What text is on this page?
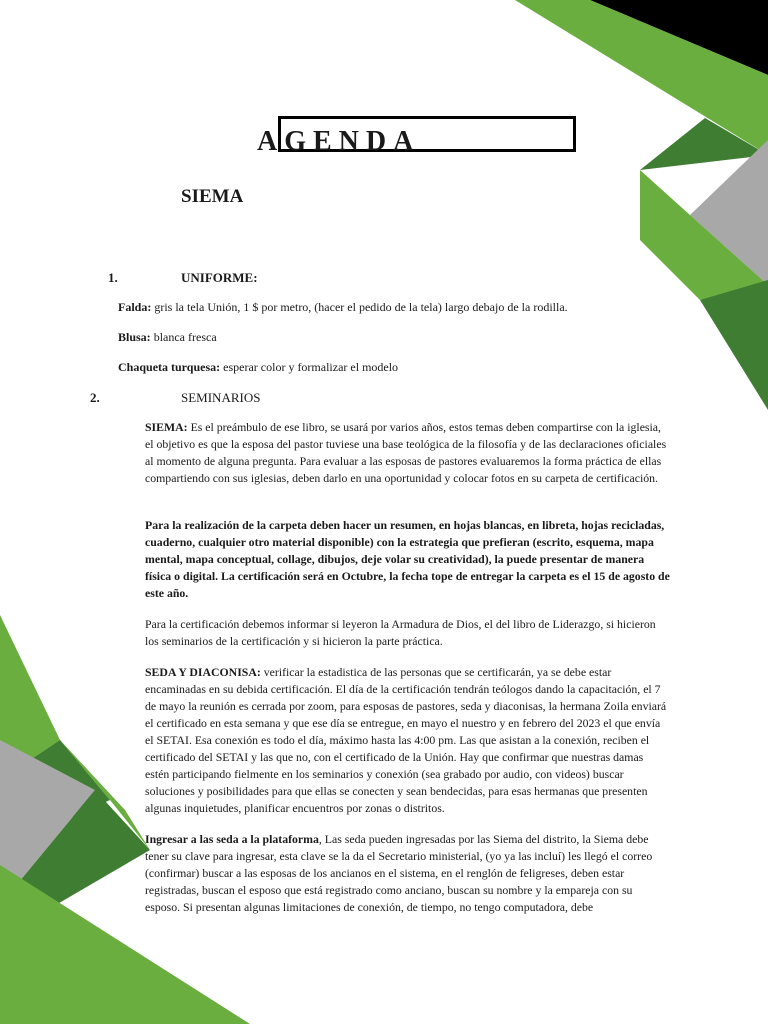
AGENDA
SIEMA
1.	UNIFORME:
Falda: gris la tela Unión, 1 $ por metro, (hacer el pedido de la tela) largo debajo de la rodilla.
Blusa: blanca fresca
Chaqueta turquesa: esperar color y formalizar el modelo
2.	SEMINARIOS
SIEMA: Es el preámbulo de ese libro, se usará por varios años, estos temas deben compartirse con la iglesia, el objetivo es que la esposa del pastor tuviese una base teológica de la filosofía y de las declaraciones oficiales al momento de alguna pregunta. Para evaluar a las esposas de pastores evaluaremos la forma práctica de ellas compartiendo con sus iglesias, deben darlo en una oportunidad y colocar fotos en su carpeta de certificación.
Para la realización de la carpeta deben hacer un resumen, en hojas blancas, en libreta, hojas recicladas, cuaderno, cualquier otro material disponible) con la estrategia que prefieran (escrito, esquema, mapa mental, mapa conceptual, collage, dibujos, deje volar su creatividad), la puede presentar de manera física o digital. La certificación será en Octubre, la fecha tope de entregar la carpeta es el 15 de agosto de este año.
Para la certificación debemos informar si leyeron la Armadura de Dios, el del libro de Liderazgo, si hicieron los seminarios de la certificación y si hicieron la parte práctica.
SEDA Y DIACONISA: verificar la estadistica de las personas que se certificarán, ya se debe estar encaminadas en su debida certificación. El día de la certificación tendrán teólogos dando la capacitación, el 7 de mayo la reunión es cerrada por zoom, para esposas de pastores, seda y diaconisas, la hermana Zoila enviará el certificado en esta semana y que ese día se entregue, en mayo el nuestro y en febrero del 2023 el que envía el SETAI. Esa conexión es todo el día, máximo hasta las 4:00 pm. Las que asistan a la conexión, reciben el certificado del SETAI y las que no, con el certificado de la Unión. Hay que confirmar que nuestras damas estén participando fielmente en los seminarios y conexión (sea grabado por audio, con videos) buscar soluciones y posibilidades para que ellas se conecten y sean bendecidas, para esas hermanas que presenten algunas inquietudes, planificar encuentros por zonas o distritos.
Ingresar a las seda a la plataforma, Las seda pueden ingresadas por las Siema del distrito, la Siema debe tener su clave para ingresar, esta clave se la da el Secretario ministerial, (yo ya las incluí) les llegó el correo (confirmar) buscar a las esposas de los ancianos en el sistema, en el renglón de feligreses, deben estar registradas, buscan el esposo que está registrado como anciano, buscan su nombre y la empareja con su esposo. Si presentan algunas limitaciones de conexión, de tiempo, no tengo computadora, debe
